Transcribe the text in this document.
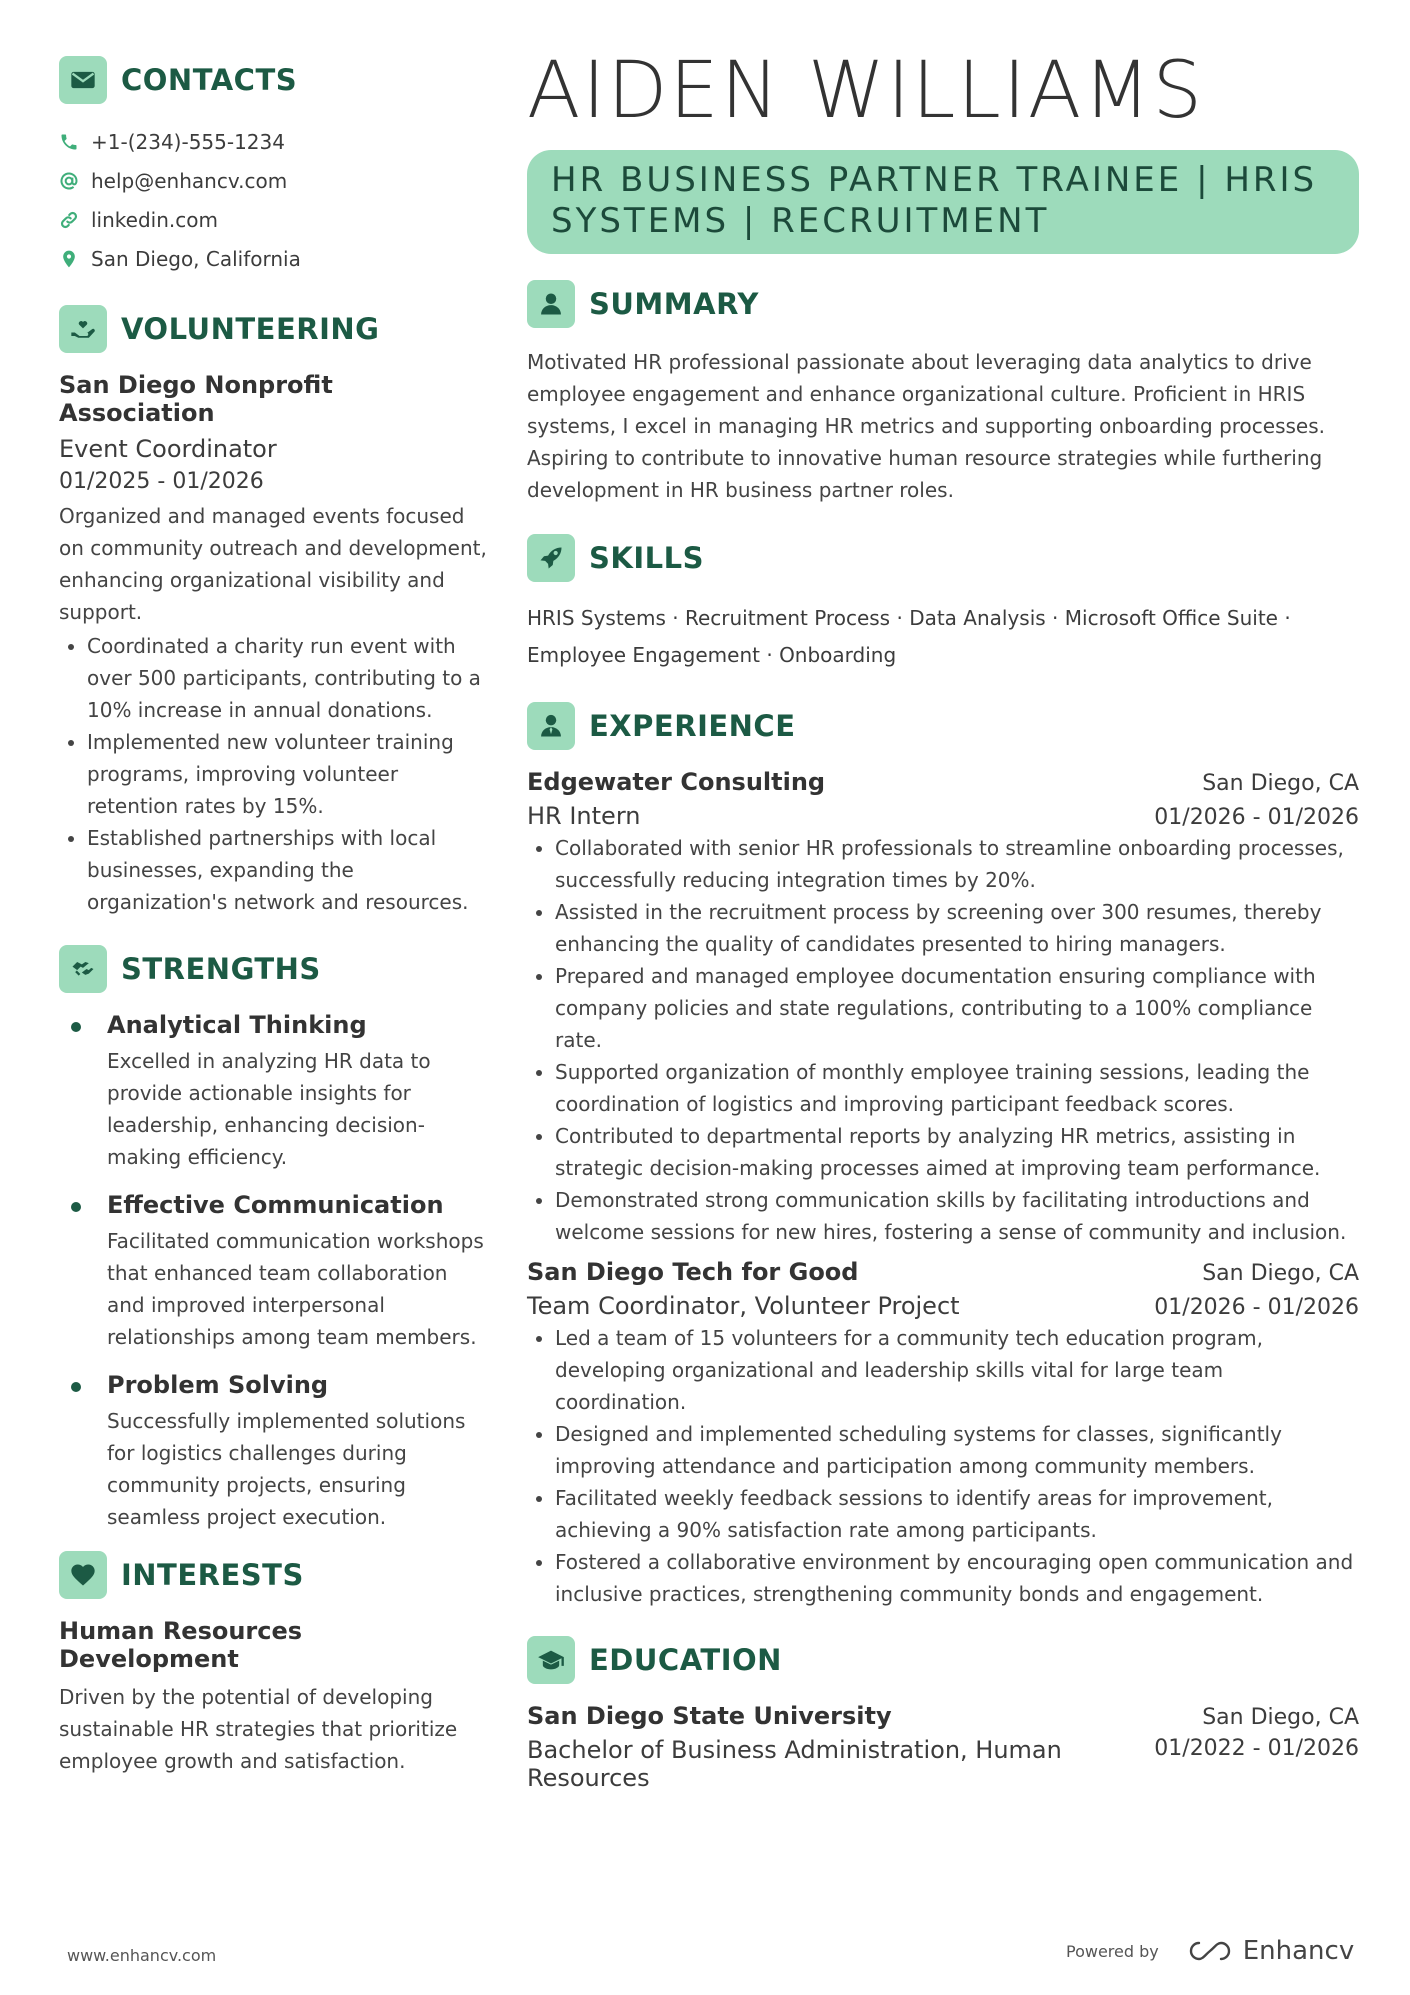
CONTACTS
+1-(234)-555-1234
help@enhancv.com
linkedin.com
San Diego, California
VOLUNTEERING
San Diego Nonprofit Association
Event Coordinator
01/2025 - 01/2026
Organized and managed events focused on community outreach and development, enhancing organizational visibility and support.
• Coordinated a charity run event with over 500 participants, contributing to a 10% increase in annual donations.
• Implemented new volunteer training programs, improving volunteer retention rates by 15%.
• Established partnerships with local businesses, expanding the organization's network and resources.
STRENGTHS
Analytical Thinking
Excelled in analyzing HR data to provide actionable insights for leadership, enhancing decision-making efficiency.
Effective Communication
Facilitated communication workshops that enhanced team collaboration and improved interpersonal relationships among team members.
Problem Solving
Successfully implemented solutions for logistics challenges during community projects, ensuring seamless project execution.
INTERESTS
Human Resources Development
Driven by the potential of developing sustainable HR strategies that prioritize employee growth and satisfaction.
AIDEN WILLIAMS
HR BUSINESS PARTNER TRAINEE | HRIS SYSTEMS | RECRUITMENT
SUMMARY
Motivated HR professional passionate about leveraging data analytics to drive employee engagement and enhance organizational culture. Proficient in HRIS systems, I excel in managing HR metrics and supporting onboarding processes. Aspiring to contribute to innovative human resource strategies while furthering development in HR business partner roles.
SKILLS
HRIS Systems · Recruitment Process · Data Analysis · Microsoft Office Suite ·
Employee Engagement · Onboarding
EXPERIENCE
Edgewater Consulting	San Diego, CA
HR Intern	01/2026 - 01/2026
• Collaborated with senior HR professionals to streamline onboarding processes, successfully reducing integration times by 20%.
• Assisted in the recruitment process by screening over 300 resumes, thereby enhancing the quality of candidates presented to hiring managers.
• Prepared and managed employee documentation ensuring compliance with company policies and state regulations, contributing to a 100% compliance rate.
• Supported organization of monthly employee training sessions, leading the coordination of logistics and improving participant feedback scores.
• Contributed to departmental reports by analyzing HR metrics, assisting in strategic decision-making processes aimed at improving team performance.
• Demonstrated strong communication skills by facilitating introductions and welcome sessions for new hires, fostering a sense of community and inclusion.
San Diego Tech for Good	San Diego, CA
Team Coordinator, Volunteer Project	01/2026 - 01/2026
• Led a team of 15 volunteers for a community tech education program, developing organizational and leadership skills vital for large team coordination.
• Designed and implemented scheduling systems for classes, significantly improving attendance and participation among community members.
• Facilitated weekly feedback sessions to identify areas for improvement, achieving a 90% satisfaction rate among participants.
• Fostered a collaborative environment by encouraging open communication and inclusive practices, strengthening community bonds and engagement.
EDUCATION
San Diego State University	San Diego, CA
Bachelor of Business Administration, Human Resources
01/2022 - 01/2026
www.enhancv.com	Powered by	Enhancv
